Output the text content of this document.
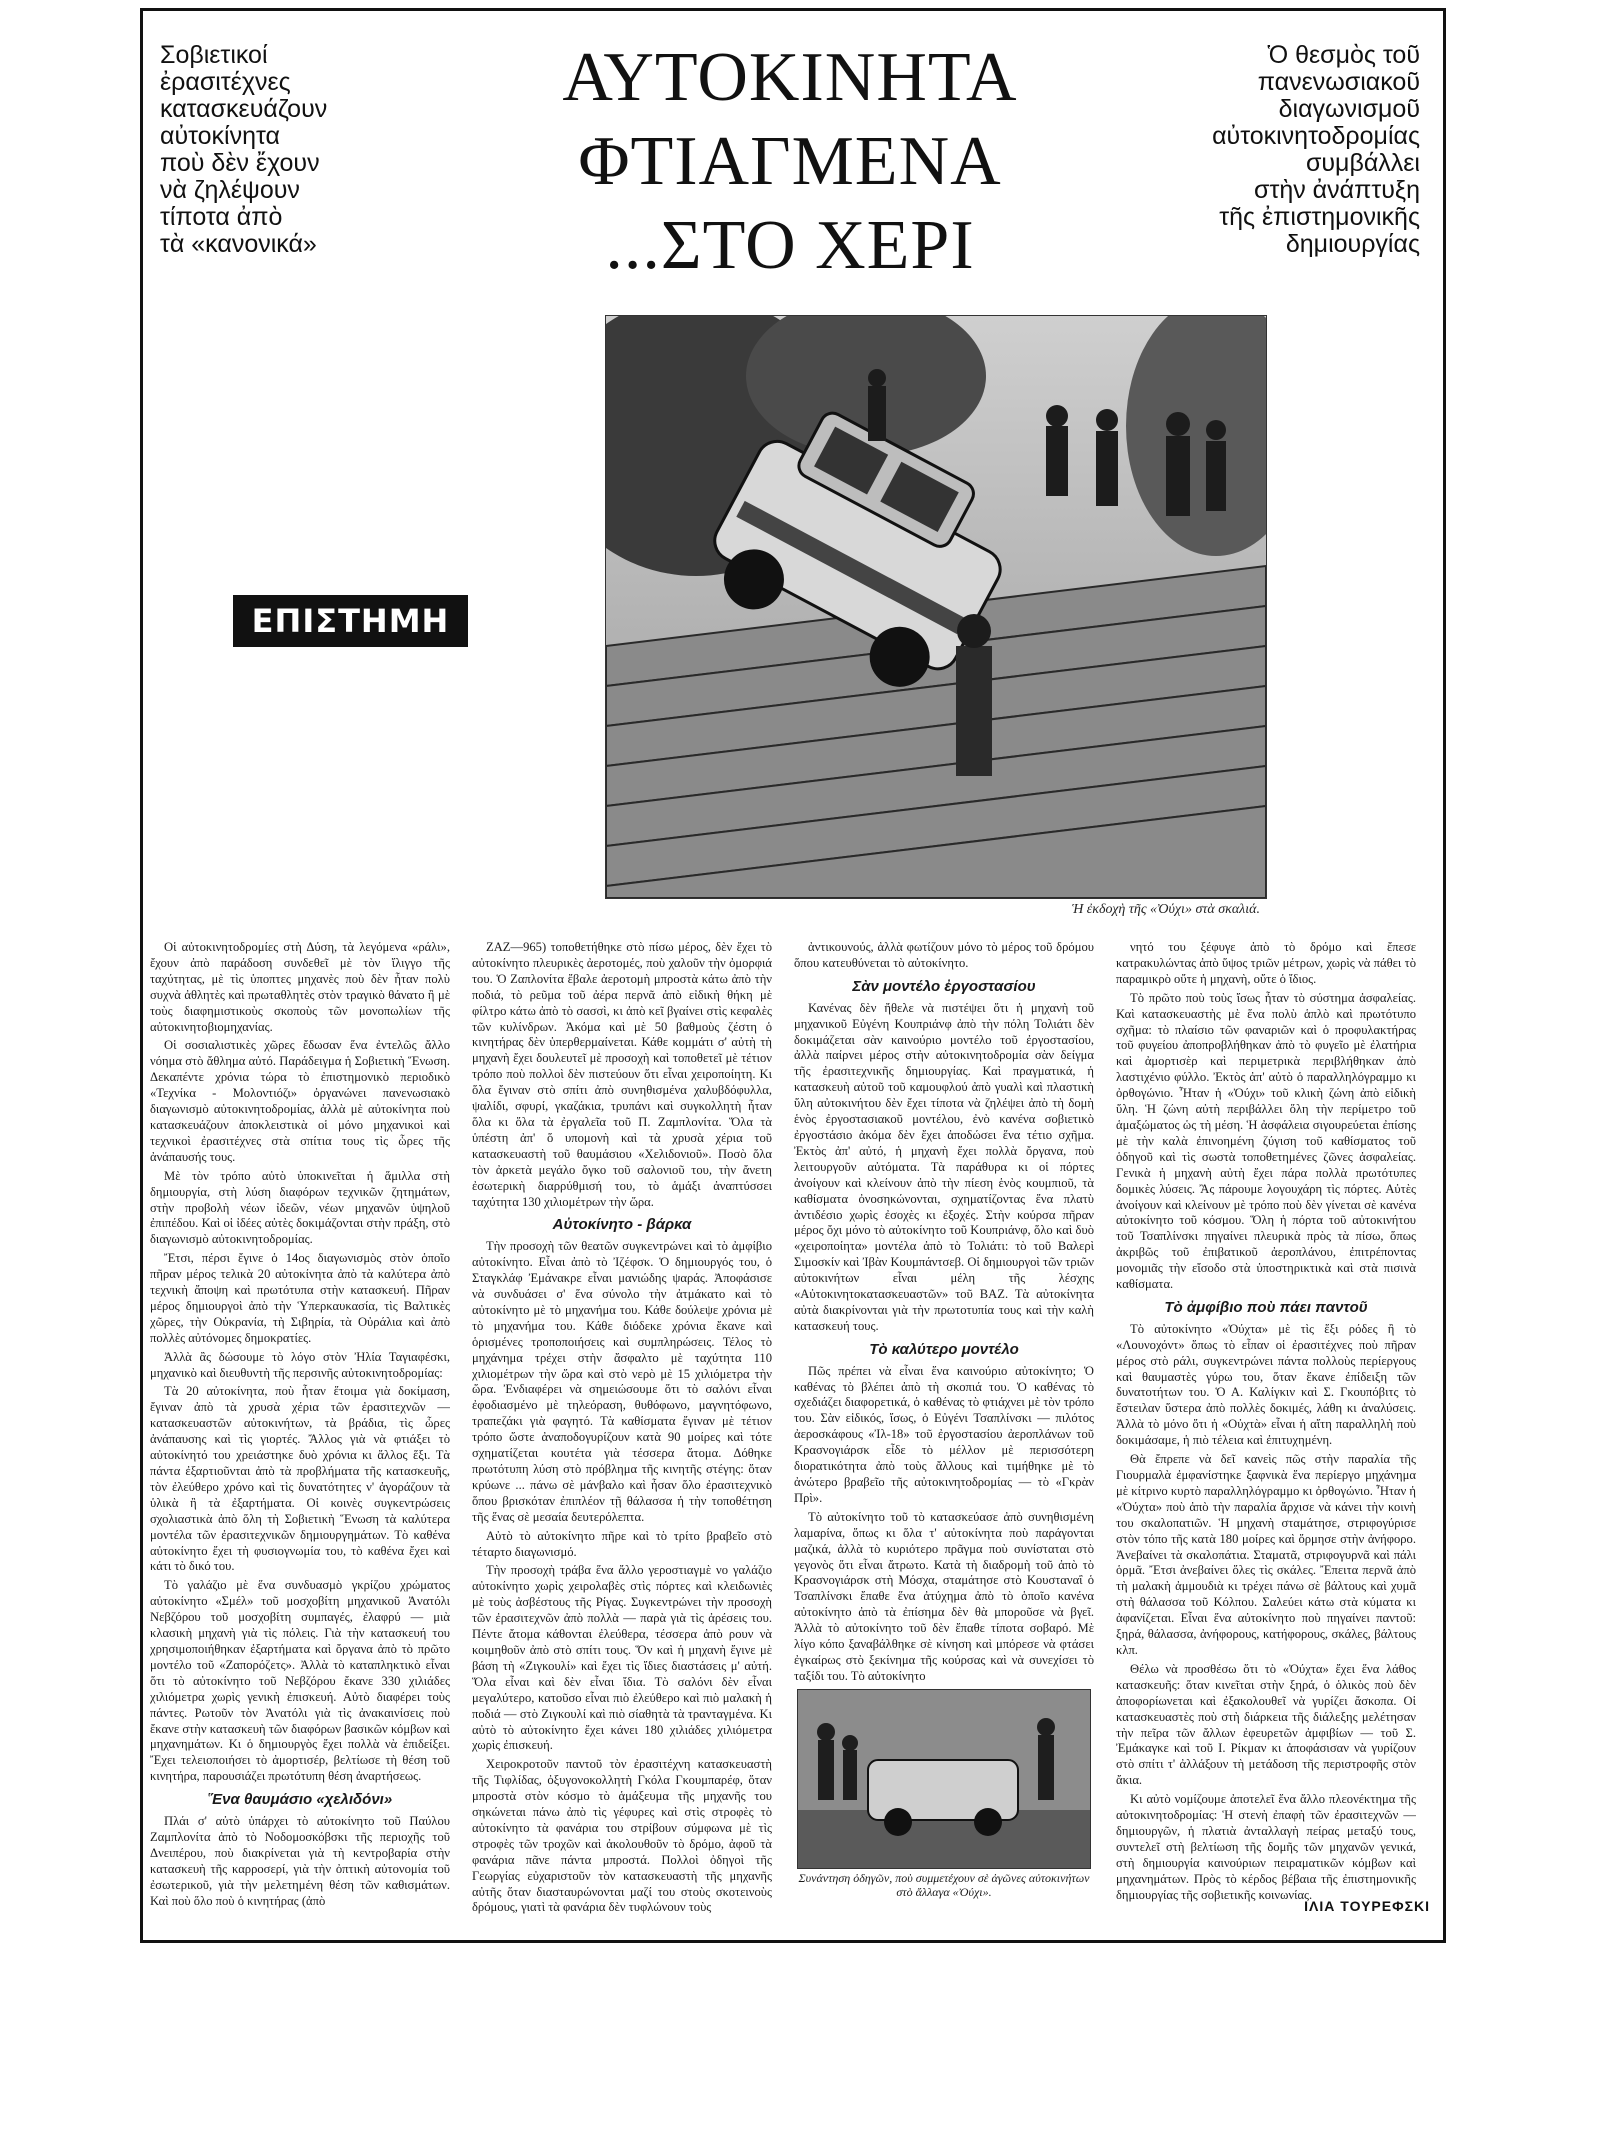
Σοβιετικοί
ἐρασιτέχνες
κατασκευάζουν
αὐτοκίνητα
ποὺ δὲν ἔχουν
νὰ ζηλέψουν
τίποτα ἀπὸ
τὰ «κανονικά»
ΑΥΤΟΚΙΝΗΤΑ
ΦΤΙΑΓΜΕΝΑ
...ΣΤΟ ΧΕΡΙ
Ὁ θεσμὸς τοῦ
πανενωσιακοῦ
διαγωνισμοῦ
αὐτοκινητοδρομίας
συμβάλλει
στὴν ἀνάπτυξη
τῆς ἐπιστημονικῆς
δημιουργίας
ΕΠΙΣΤΗΜΗ
Ἡ ἐκδοχὴ τῆς «Ὀύχι» στὰ σκαλιά.

Οἱ αὐτοκινητοδρομίες στὴ Δύση, τὰ λεγόμενα «ράλι», ἔχουν ἀπὸ παράδοση συνδεθεῖ μὲ τὸν ἴλιγγο τῆς ταχύτητας, μὲ τὶς ὑποπτες μηχανὲς ποὺ δὲν ἦταν πολὺ συχνὰ ἀθλητὲς καὶ πρωταθλητὲς στὸν τραγικὸ θάνατο ἢ μὲ τοὺς διαφημιστικοὺς σκοποὺς τῶν μονοπωλίων τῆς αὐτοκινητοβιομηχανίας.

Οἱ σοσιαλιστικὲς χῶρες ἔδωσαν ἕνα ἐντελῶς ἄλλο νόημα στὸ ἄθλημα αὐτό. Παράδειγμα ἡ Σοβιετικὴ Ἕνωση. Δεκαπέντε χρόνια τώρα τὸ ἐπιστημονικὸ περιοδικὸ «Τεχνίκα - Μολοντιόζι» ὀργανώνει πανενωσιακὸ διαγωνισμὸ αὐτοκινητοδρομίας, ἀλλὰ μὲ αὐτοκίνητα ποὺ κατασκευάζουν ἀποκλειστικὰ οἱ μόνο μηχανικοὶ καὶ τεχνικοὶ ἐρασιτέχνες στὰ σπίτια τους τὶς ὧρες τῆς ἀνάπαυσής τους.

Μὲ τὸν τρόπο αὐτὸ ὑποκινεῖται ἡ ἅμιλλα στὴ δημιουργία, στὴ λύση διαφόρων τεχνικῶν ζητημάτων, στὴν προβολὴ νέων ἰδεῶν, νέων μηχανῶν ὑψηλοῦ ἐπιπέδου. Καὶ οἱ ἰδέες αὐτὲς δοκιμάζονται στὴν πράξη, στὸ διαγωνισμὸ αὐτοκινητοδρομίας.

Ἔτσι, πέρσι ἔγινε ὁ 14ος διαγωνισμὸς στὸν ὁποῖο πῆραν μέρος τελικὰ 20 αὐτοκίνητα ἀπὸ τὰ καλύτερα ἀπὸ τεχνικὴ ἄποψη καὶ πρωτότυπα στὴν κατασκευή. Πῆραν μέρος δημιουργοὶ ἀπὸ τὴν Ὑπερκαυκασία, τὶς Βαλτικὲς χῶρες, τὴν Οὐκρανία, τὴ Σιβηρία, τὰ Οὐράλια καὶ ἀπὸ πολλὲς αὐτόνομες δημοκρατίες.

Ἀλλὰ ἂς δώσουμε τὸ λόγο στὸν Ἠλία Ταγιαφέσκι, μηχανικὸ καὶ διευθυντὴ τῆς περσινῆς αὐτοκινητοδρομίας:

Τὰ 20 αὐτοκίνητα, ποὺ ἦταν ἕτοιμα γιὰ δοκίμαση, ἔγιναν ἀπὸ τὰ χρυσὰ χέρια τῶν ἐρασιτεχνῶν — κατασκευαστῶν αὐτοκινήτων, τὰ βράδια, τὶς ὧρες ἀνάπαυσης καὶ τὶς γιορτές. Ἄλλος γιὰ νὰ φτιάξει τὸ αὐτοκίνητό του χρειάστηκε δυὸ χρόνια κι ἄλλος ἕξι. Τὰ πάντα ἐξαρτιοῦνται ἀπὸ τὰ προβλήματα τῆς κατασκευῆς, τὸν ἐλεύθερο χρόνο καὶ τὶς δυνατότητες ν' ἀγοράζουν τὰ ὑλικὰ ἢ τὰ ἐξαρτήματα. Οἱ κοινὲς συγκεντρώσεις σχολιαστικὰ ἀπὸ ὅλη τὴ Σοβιετικὴ Ἕνωση τὰ καλύτερα μοντέλα τῶν ἐρασιτεχνικῶν δημιουργημάτων. Τὸ καθένα αὐτοκίνητο ἔχει τὴ φυσιογνωμία του, τὸ καθένα ἔχει καὶ κάτι τὸ δικό του.

Τὸ γαλάζιο μὲ ἕνα συνδυασμὸ γκρίζου χρώματος αὐτοκίνητο «Σμέλ» τοῦ μοσχοβίτη μηχανικοῦ Ἀνατόλι Νεβζόρου τοῦ μοσχοβίτη συμπαγές, ἐλαφρύ — μιὰ κλασικὴ μηχανὴ γιὰ τὶς πόλεις. Γιὰ τὴν κατασκευή του χρησιμοποιήθηκαν ἐξαρτήματα καὶ ὄργανα ἀπὸ τὸ πρῶτο μοντέλο τοῦ «Ζαπορόζετς». Ἀλλὰ τὸ καταπληκτικὸ εἶναι ὅτι τὸ αὐτοκίνητο τοῦ Νεβζόρου ἔκανε 330 χιλιάδες χιλιόμετρα χωρὶς γενικὴ ἐπισκευή. Αὐτὸ διαφέρει τοὺς πάντες. Ρωτοῦν τὸν Ἀνατόλι γιὰ τὶς ἀνακαινίσεις ποὺ ἔκανε στὴν κατασκευὴ τῶν διαφόρων βασικῶν κόμβων καὶ μηχανημάτων. Κι ὁ δημιουργὸς ἔχει πολλὰ νὰ ἐπιδείξει. Ἔχει τελειοποιήσει τὸ ἀμορτισέρ, βελτίωσε τὴ θέση τοῦ κινητήρα, παρουσιάζει πρωτότυπη θέση ἀναρτήσεως.

Ἕνα θαυμάσιο «χελιδόνι»

Πλάι σ' αὐτὸ ὑπάρχει τὸ αὐτοκίνητο τοῦ Παύλου Ζαμπλονίτα ἀπὸ τὸ Νοδομοσκόβσκι τῆς περιοχῆς τοῦ Δνειπέρου, ποὺ διακρίνεται γιὰ τὴ κεντροβαρία στὴν κατασκευὴ τῆς καρροσερί, γιὰ τὴν ὀπτικὴ αὐτονομία τοῦ ἐσωτερικοῦ, γιὰ τὴν μελετημένη θέση τῶν καθισμάτων. Καὶ ποὺ ὅλο ποὺ ὁ κινητήρας (ἀπὸ

ΖΑΖ—965) τοποθετήθηκε στὸ πίσω μέρος, δὲν ἔχει τὸ αὐτοκίνητο πλευρικὲς ἀεροτομές, ποὺ χαλοῦν τὴν ὀμορφιά του. Ὁ Ζαπλονίτα ἔβαλε ἀεροτομὴ μπροστὰ κάτω ἀπὸ τὴν ποδιά, τὸ ρεῦμα τοῦ ἀέρα περνᾶ ἀπὸ εἰδικὴ θήκη μὲ φίλτρο κάτω ἀπὸ τὸ σασσὶ, κι ἀπὸ κεῖ βγαίνει στὶς κεφαλὲς τῶν κυλίνδρων. Ἀκόμα καὶ μὲ 50 βαθμοὺς ζέστη ὁ κινητήρας δὲν ὑπερθερμαίνεται. Κάθε κομμάτι σ' αὐτὴ τὴ μηχανὴ ἔχει δουλευτεῖ μὲ προσοχὴ καὶ τοποθετεῖ μὲ τέτιον τρόπο ποὺ πολλοὶ δὲν πιστεύουν ὅτι εἶναι χειροποίητη. Κι ὅλα ἔγιναν στὸ σπίτι ἀπὸ συνηθισμένα χαλυβδόφυλλα, ψαλίδι, σφυρί, γκαζάκια, τρυπάνι καὶ συγκολλητὴ ἦταν ὅλα κι ὅλα τὰ ἐργαλεῖα τοῦ Π. Ζαμπλονίτα. Ὅλα τὰ ὑπέστη ἀπ' ὅ υπομονὴ καὶ τὰ χρυσὰ χέρια τοῦ κατασκευαστὴ τοῦ θαυμάσιου «Χελιδονιοῦ». Ποσὸ ὅλα τὸν ἀρκετὰ μεγάλο ὄγκο τοῦ σαλονιοῦ του, τὴν ἄνετη ἐσωτερικὴ διαρρύθμισή του, τὸ ἁμάξι ἀναπτύσσει ταχύτητα 130 χιλιομέτρων τὴν ὥρα.

Αὐτοκίνητο - βάρκα

Τὴν προσοχὴ τῶν θεατῶν συγκεντρώνει καὶ τὸ ἀμφίβιο αὐτοκίνητο. Εἶναι ἀπὸ τὸ Ἰζέφσκ. Ὁ δημιουργός του, ὁ Σταγκλάφ Ἐμάνακρε εἶναι μανιώδης ψαράς. Ἀποφάσισε νὰ συνδυάσει σ' ἕνα σύνολο τὴν ἀτμάκατο καὶ τὸ αὐτοκίνητο μὲ τὸ μηχανήμα του. Κάθε δούλεψε χρόνια μὲ τὸ μηχανήμα του. Κάθε διόδεκε χρόνια ἔκανε καὶ ὁρισμένες τροποποιήσεις καὶ συμπληρώσεις. Τέλος τὸ μηχάνημα τρέχει στὴν ἄσφαλτο μὲ ταχύτητα 110 χιλιομέτρων τὴν ὥρα καὶ στὸ νερὸ μὲ 15 χιλιόμετρα τὴν ὥρα. Ἐνδιαφέρει νὰ σημειώσουμε ὅτι τὸ σαλόνι εἶναι ἐφοδιασμένο μὲ τηλεόραση, θυθόφωνο, μαγνητόφωνο, τραπεζάκι γιὰ φαγητό. Τὰ καθίσματα ἔγιναν μὲ τέτιον τρόπο ὥστε ἀναποδογυρίζουν κατὰ 90 μοίρες καὶ τότε σχηματίζεται κουτέτα γιὰ τέσσερα ἄτομα. Δόθηκε πρωτότυπη λύση στὸ πρόβλημα τῆς κινητῆς στέγης: ὅταν κρύωνε ... πάνω σὲ μάνβαλο καὶ ἦσαν ὅλο ἐρασιτεχνικὸ ὅπου βρισκόταν ἐπιπλέον τῇ θάλασσα ἡ τὴν τοποθέτηση τῆς ἕνας σὲ μεσαία δευτερόλεπτα.

Αὐτὸ τὸ αὐτοκίνητο πῆρε καὶ τὸ τρίτο βραβεῖο στὸ τέταρτο διαγωνισμό.

Τὴν προσοχὴ τράβα ἕνα ἄλλο γεροστιαγμὲ νο γαλάζιο αὐτοκίνητο χωρὶς χειρολαβὲς στὶς πόρτες καὶ κλειδωνιὲς μὲ τοὺς ἀσβέστους τῆς Ρίγας. Συγκεντρώνει τὴν προσοχὴ τῶν ἐρασιτεχνῶν ἀπὸ πολλὰ — παρὰ γιὰ τὶς ἀρέσεις του. Πέντε ἄτομα κάθονται ἐλεύθερα, τέσσερα ἀπὸ ρουν νὰ κοιμηθοῦν ἀπὸ στὸ σπίτι τους. Ὅν καὶ ἡ μηχανὴ ἔγινε μὲ βάση τὴ «Ζιγκουλί» καὶ ἔχει τὶς ἴδιες διαστάσεις μ' αὐτή. Ὅλα εἶναι καὶ δὲν εἶναι ἴδια. Τὸ σαλόνι δὲν εἶναι μεγαλύτερο, κατοῦσο εἶναι πιὸ ἐλεύθερο καὶ πιὸ μαλακὴ ἡ ποδιά — στὸ Ζιγκουλί καὶ πιὸ σίαθητὰ τὰ τρανταγμένα. Κι αὐτὸ τὸ αὐτοκίνητο ἔχει κάνει 180 χιλιάδες χιλιόμετρα χωρὶς ἐπισκευή.

Χειροκροτοῦν παντοῦ τὸν ἐρασιτέχνη κατασκευαστὴ τῆς Τιφλίδας, ὀξυγονοκολλητὴ Γκόλα Γκουμπαρέφ, ὅταν μπροστὰ στὸν κόσμο τὸ ἁμάξευμα τῆς μηχανῆς του σηκώνεται πάνω ἀπὸ τὶς γέφυρες καὶ στὶς στροφὲς τὸ αὐτοκίνητο τὰ φανάρια του στρίβουν σύμφωνα μὲ τὶς στροφὲς τῶν τροχῶν καὶ ἀκολουθοῦν τὸ δρόμο, ἀφοῦ τὰ φανάρια πᾶνε πάντα μπροστά. Πολλοὶ ὀδηγοὶ τῆς Γεωργίας εὐχαριστοῦν τὸν κατασκευαστὴ τῆς μηχανῆς αὐτῆς ὅταν διασταυρώνονται μαζί του στοὺς σκοτεινοὺς δρόμους, γιατὶ τὰ φανάρια δὲν τυφλώνουν τοὺς

ἀντικουνούς, ἀλλὰ φωτίζουν μόνο τὸ μέρος τοῦ δρόμου ὅπου κατευθύνεται τὸ αὐτοκίνητο.

Σὰν μοντέλο ἐργοστασίου

Κανένας δὲν ἤθελε νὰ πιστέψει ὅτι ἡ μηχανὴ τοῦ μηχανικοῦ Εὐγένη Κουπριάνφ ἀπὸ τὴν πόλη Τολιάτι δὲν δοκιμάζεται σὰν καινούριο μοντέλο τοῦ ἐργοστασίου, ἀλλὰ παίρνει μέρος στὴν αὐτοκινητοδρομία σὰν δείγμα τῆς ἐρασιτεχνικῆς δημιουργίας. Καὶ πραγματικά, ἡ κατασκευὴ αὐτοῦ τοῦ καμουφλού ἀπὸ γυαλὶ καὶ πλαστικὴ ὕλη αὐτοκινήτου δὲν ἔχει τίποτα νὰ ζηλέψει ἀπὸ τὴ δομὴ ἑνὸς ἐργοστασιακοῦ μοντέλου, ἐνὸ κανένα σοβιετικὸ ἐργοστάσιο ἀκόμα δὲν ἔχει ἀποδώσει ἕνα τέτιο σχῆμα. Ἐκτὸς ἀπ' αὐτό, ἡ μηχανὴ ἔχει πολλὰ ὄργανα, ποὺ λειτουργοῦν αὐτόματα. Τὰ παράθυρα κι οἱ πόρτες ἀνοίγουν καὶ κλείνουν ἀπὸ τὴν πίεση ἑνὸς κουμπιοῦ, τὰ καθίσματα ὀνοσηκώνονται, σχηματίζοντας ἕνα πλατὺ ἀντιδέσιο χωρὶς ἐσοχὲς κι ἐξοχές. Στὴν κούρσα πῆραν μέρος ὄχι μόνο τὸ αὐτοκίνητο τοῦ Κουπριάνφ, ὅλο καὶ δυὸ «χειροποίητα» μοντέλα ἀπὸ τὸ Τολιάτι: τὸ τοῦ Βαλερὶ Σιμοσκίν καὶ Ἰβὰν Κουμπάντσεβ. Οἱ δημιουργοὶ τῶν τριῶν αὐτοκινήτων εἶναι μέλη τῆς λέσχης «Αὐτοκινητοκατασκευαστῶν» τοῦ ΒΑΖ. Τὰ αὐτοκίνητα αὐτὰ διακρίνονται γιὰ τὴν πρωτοτυπία τους καὶ τὴν καλὴ κατασκευή τους.

Τὸ καλύτερο μοντέλο

Πῶς πρέπει νὰ εἶναι ἕνα καινούριο αὐτοκίνητο; Ὁ καθένας τὸ βλέπει ἀπὸ τὴ σκοπιά του. Ὁ καθένας τὸ σχεδιάζει διαφορετικά, ὁ καθένας τὸ φτιάχνει μὲ τὸν τρόπο του. Σὰν εἰδικός, ἴσως, ὁ Εὐγένι Τσαπλίνσκι — πιλότος ἀεροσκάφους «Ἰλ-18» τοῦ ἐργοστασίου ἀεροπλάνων τοῦ Κρασνογιάρσκ εἶδε τὸ μέλλον μὲ περισσότερη διορατικότητα ἀπὸ τοὺς ἄλλους καὶ τιμήθηκε μὲ τὸ ἀνώτερο βραβεῖο τῆς αὐτοκινητοδρομίας — τὸ «Γκρὰν Πρὶ».

Τὸ αὐτοκίνητο τοῦ τὸ κατασκεύασε ἀπὸ συνηθισμένη λαμαρίνα, ὅπως κι ὅλα τ' αὐτοκίνητα ποὺ παράγονται μαζικά, ἀλλὰ τὸ κυριότερο πρᾶγμα ποὺ συνίσταται στὸ γεγονὸς ὅτι εἶναι ἄτρωτο. Κατὰ τὴ διαδρομὴ τοῦ ἀπὸ τὸ Κρασνογιάρσκ στὴ Μόσχα, σταμάτησε στὸ Κουσταναΐ ὁ Τσαπλίνσκι ἔπαθε ἕνα ἀτύχημα ἀπὸ τὸ ὁποῖο κανένα αὐτοκίνητο ἀπὸ τὰ ἐπίσημα δὲν θὰ μποροῦσε νὰ βγεῖ. Ἀλλὰ τὸ αὐτοκίνητο τοῦ δὲν ἔπαθε τίποτα σοβαρό. Μὲ λίγο κόπο ξαναβάλθηκε σὲ κίνηση καὶ μπόρεσε νὰ φτάσει ἐγκαίρως στὸ ξεκίνημα τῆς κούρσας καὶ νὰ συνεχίσει τὸ ταξίδι του. Τὸ αὐτοκίνητο

Συνάντηση ὀδηγῶν, ποὺ συμμετέχουν σὲ ἀγῶνες αὐτοκινήτων στὸ ἄλλαγα «Ὀύχι».

νητό του ξέφυγε ἀπὸ τὸ δρόμο καὶ ἔπεσε κατρακυλώντας ἀπὸ ὕψος τριῶν μέτρων, χωρὶς νὰ πάθει τὸ παραμικρὸ οὔτε ἡ μηχανὴ, οὔτε ὁ ἴδιος.

Τὸ πρῶτο ποὺ τοὺς ἴσως ἦταν τὸ σύστημα ἀσφαλείας. Καὶ κατασκευαστὴς μὲ ἕνα πολὺ ἁπλὸ καὶ πρωτότυπο σχῆμα: τὸ πλαίσιο τῶν φαναριῶν καὶ ὁ προφυλακτήρας τοῦ φυγείου ἀποπροβλήθηκαν ἀπὸ τὸ φυγεῖο μὲ ἐλατήρια καὶ ἀμορτισὲρ καὶ περιμετρικὰ περιβλήθηκαν ἀπὸ λαστιχένιο φύλλο. Ἐκτὸς ἀπ' αὐτὸ ὁ παραλληλόγραμμο κι ὀρθογώνιο. Ἦταν ἡ «Ὀύχι» τοῦ κλικὴ ζώνη ἀπὸ εἰδικὴ ὕλη. Ἡ ζώνη αὐτὴ περιβάλλει ὅλη τὴν περίμετρο τοῦ ἁμαξώματος ὡς τὴ μέση. Ἡ ἀσφάλεια σιγουρεύεται ἐπίσης μὲ τὴν καλὰ ἐπινοημένη ζύγιση τοῦ καθίσματος τοῦ ὁδηγοῦ καὶ τὶς σωστὰ τοποθετημένες ζῶνες ἀσφαλείας. Γενικὰ ἡ μηχανὴ αὐτὴ ἔχει πάρα πολλὰ πρωτότυπες δομικὲς λύσεις. Ἂς πάρουμε λογουχάρη τὶς πόρτες. Αὐτὲς ἀνοίγουν καὶ κλείνουν μὲ τρόπο ποὺ δὲν γίνεται σὲ κανένα αὐτοκίνητο τοῦ κόσμου. Ὅλη ἡ πόρτα τοῦ αὐτοκινήτου τοῦ Τσαπλίνσκι πηγαίνει πλευρικὰ πρὸς τὰ πίσω, ὅπως ἀκριβῶς τοῦ ἐπιβατικοῦ ἀεροπλάνου, ἐπιτρέποντας μονομιᾶς τὴν εἴσοδο στὰ ὑποστηρικτικὰ καὶ στὰ πισινὰ καθίσματα.

Τὸ ἀμφίβιο ποὺ πάει παντοῦ

Τὸ αὐτοκίνητο «Ὀύχτα» μὲ τὶς ἕξι ρόδες ἢ τὸ «Λουνοχόντ» ὅπως τὸ εἶπαν οἱ ἐρασιτέχνες ποὺ πῆραν μέρος στὸ ράλι, συγκεντρώνει πάντα πολλοὺς περίεργους καὶ θαυμαστὲς γύρω του, ὅταν ἔκανε ἐπίδειξη τῶν δυνατοτήτων του. Ὁ Α. Καλίγκιν καὶ Σ. Γκουπόβιτς τὸ ἔστειλαν ὕστερα ἀπὸ πολλὲς δοκιμές, λάθη κι ἀναλύσεις. Ἀλλὰ τὸ μόνο ὅτι ἡ «Οὐχτὰ» εἶναι ἡ αἴτη παραλληλὴ ποὺ δοκιμάσαμε, ἡ πιὸ τέλεια καὶ ἐπιτυχημένη.

Θὰ ἔπρεπε νὰ δεῖ κανεὶς πῶς στὴν παραλία τῆς Γιουρμαλὰ ἐμφανίστηκε ξαφνικὰ ἕνα περίεργο μηχάνημα μὲ κίτρινο κυρτὸ παραλληλόγραμμο κι ὀρθογώνιο. Ἦταν ἡ «Ὀύχτα» ποὺ ἀπὸ τὴν παραλία ἄρχισε νὰ κάνει τὴν κοινὴ του σκαλοπατιῶν. Ἡ μηχανὴ σταμάτησε, στριφογύρισε στὸν τόπο τῆς κατὰ 180 μοίρες καὶ ὅρμησε στὴν ἀνήφορο. Ἀνεβαίνει τὰ σκαλοπάτια. Σταματᾶ, στριφογυρνᾶ καὶ πάλι ὁρμᾶ. Ἔτσι ἀνεβαίνει ὅλες τὶς σκάλες. Ἔπειτα περνᾶ ἀπὸ τὴ μαλακὴ ἀμμουδιὰ κι τρέχει πάνω σὲ βάλτους καὶ χυμᾶ στὴ θάλασσα τοῦ Κόλπου. Σαλεύει κάτω στὰ κύματα κι ἀφανίζεται. Εἶναι ἕνα αὐτοκίνητο ποὺ πηγαίνει παντοῦ: ξηρά, θάλασσα, ἀνήφορους, κατήφορους, σκάλες, βάλτους κλπ.

Θέλω νὰ προσθέσω ὅτι τὸ «Ὀύχτα» ἔχει ἕνα λάθος κατασκευῆς: ὅταν κινεῖται στὴν ξηρά, ὁ ὁλικὸς ποὺ δὲν ἀποφορίωνεται καὶ ἐξακολουθεῖ νὰ γυρίζει ἄσκοπα. Οἱ κατασκευαστὲς ποὺ στὴ διάρκεια τῆς διάλεξης μελέτησαν τὴν πεῖρα τῶν ἄλλων ἐφευρετῶν ἀμφιβίων — τοῦ Σ. Ἐμάκαγκε καὶ τοῦ Ι. Ρίκμαν κι ἀποφάσισαν νὰ γυρίζουν στὸ σπίτι τ' ἀλλάξουν τὴ μετάδοση τῆς περιστροφῆς στὸν ἄκια.

Κι αὐτὸ νομίζουμε ἀποτελεῖ ἕνα ἄλλο πλεονέκτημα τῆς αὐτοκινητοδρομίας: Ἡ στενὴ ἐπαφὴ τῶν ἐρασιτεχνῶν — δημιουργῶν, ἡ πλατιὰ ἀνταλλαγὴ πείρας μεταξύ τους, συντελεῖ στὴ βελτίωση τῆς δομῆς τῶν μηχανῶν γενικά, στὴ δημιουργία καινούριων πειραματικῶν κόμβων καὶ μηχανημάτων. Πρὸς τὸ κέρδος βέβαια τῆς ἐπιστημονικῆς δημιουργίας τῆς σοβιετικῆς κοινωνίας.

ΙΛΙΑ ΤΟΥΡΕΦΣΚΙ
